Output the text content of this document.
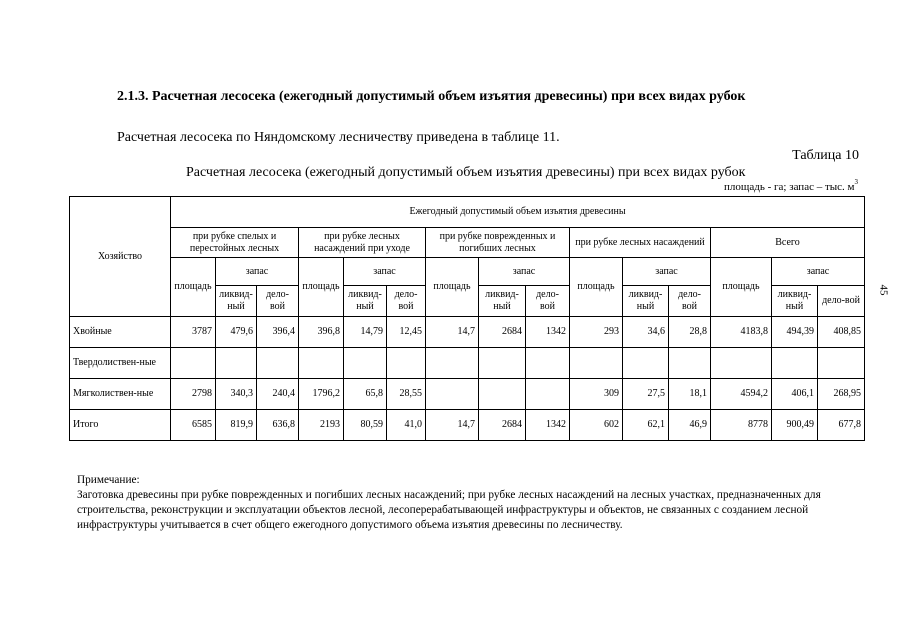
2.1.3. Расчетная лесосека (ежегодный допустимый объем изъятия древесины) при всех видах рубок
Расчетная лесосека по Няндомскому лесничеству приведена в таблице 11.
Таблица 10
Расчетная лесосека (ежегодный допустимый объем изъятия древесины) при всех видах рубок
площадь - га; запас – тыс. $м^3$
Хозяйство	Ежегодный допустимый объем изъятия древесины														
	при рубке спелых и перестойных лесных			при рубке лесных насаждений при уходе			при рубке поврежденных и погибших лесных			при рубке лесных насаждений			Всего		
	площадь	запас		площадь	запас		площадь	запас		площадь	запас		площадь	запас	
		ликвид-ный	дело-вой		ликвид-ный	дело-вой		ликвид-ный	дело-вой		ликвид-ный	дело-вой		ликвид-ный	дело-вой
Хвойные	3787	479,6	396,4	396,8	14,79	12,45	14,7	2684	1342	293	34,6	28,8	4183,8	494,39	408,85
Твердолиствен-ные															
Мягколиствен-ные	2798	340,3	240,4	1796,2	65,8	28,55				309	27,5	18,1	4594,2	406,1	268,95
Итого	6585	819,9	636,8	2193	80,59	41,0	14,7	2684	1342	602	62,1	46,9	8778	900,49	677,8
Примечание:
Заготовка древесины при рубке поврежденных и погибших лесных насаждений; при рубке лесных насаждений на лесных участках, предназначенных для строительства, реконструкции и эксплуатации объектов лесной, лесоперерабатывающей инфраструктуры и объектов, не связанных с созданием лесной инфраструктуры учитывается в счет общего ежегодного допустимого объема изъятия древесины по лесничеству.
45
